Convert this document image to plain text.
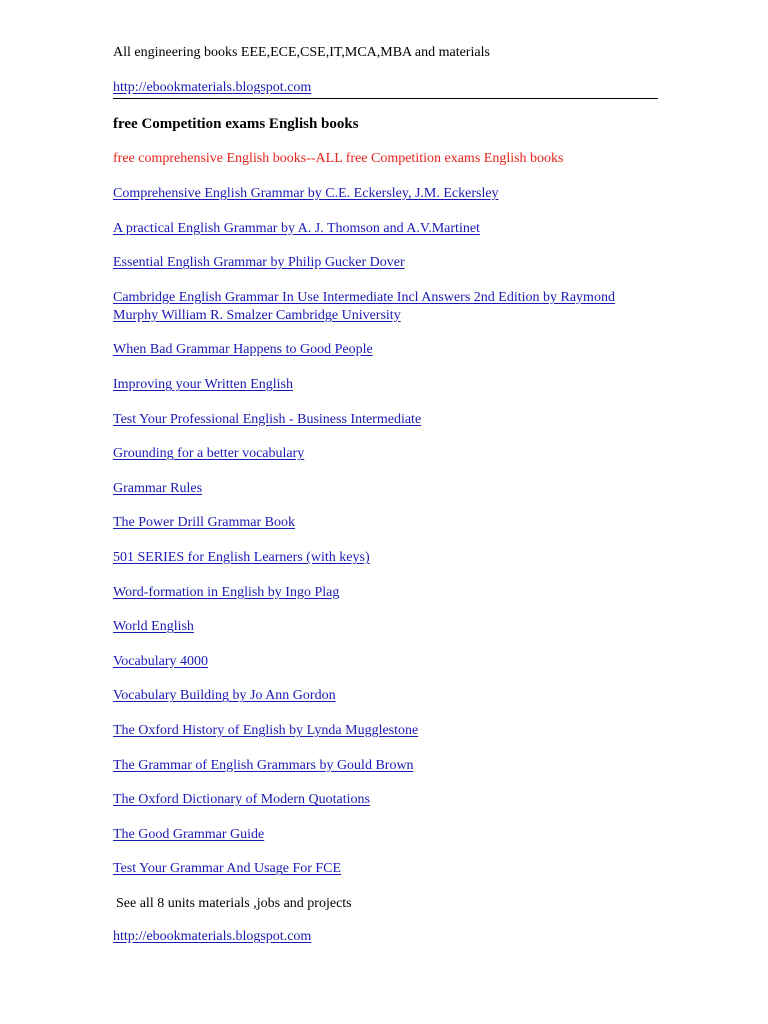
All engineering books EEE,ECE,CSE,IT,MCA,MBA and materials

http://ebookmaterials.blogspot.com

free Competition exams English books

free comprehensive English books--ALL free Competition exams English books

Comprehensive English Grammar by C.E. Eckersley, J.M. Eckersley
A practical English Grammar by A. J. Thomson and A.V.Martinet
Essential English Grammar by Philip Gucker Dover
Cambridge English Grammar In Use Intermediate Incl Answers 2nd Edition by Raymond Murphy William R. Smalzer Cambridge University
When Bad Grammar Happens to Good People
Improving your Written English
Test Your Professional English - Business Intermediate
Grounding for a better vocabulary
Grammar Rules
The Power Drill Grammar Book
501 SERIES for English Learners (with keys)
Word-formation in English by Ingo Plag
World English
Vocabulary 4000
Vocabulary Building by Jo Ann Gordon
The Oxford History of English by Lynda Mugglestone
The Grammar of English Grammars by Gould Brown
The Oxford Dictionary of Modern Quotations
The Good Grammar Guide
Test Your Grammar And Usage For FCE

See all 8 units materials ,jobs and projects

http://ebookmaterials.blogspot.com
